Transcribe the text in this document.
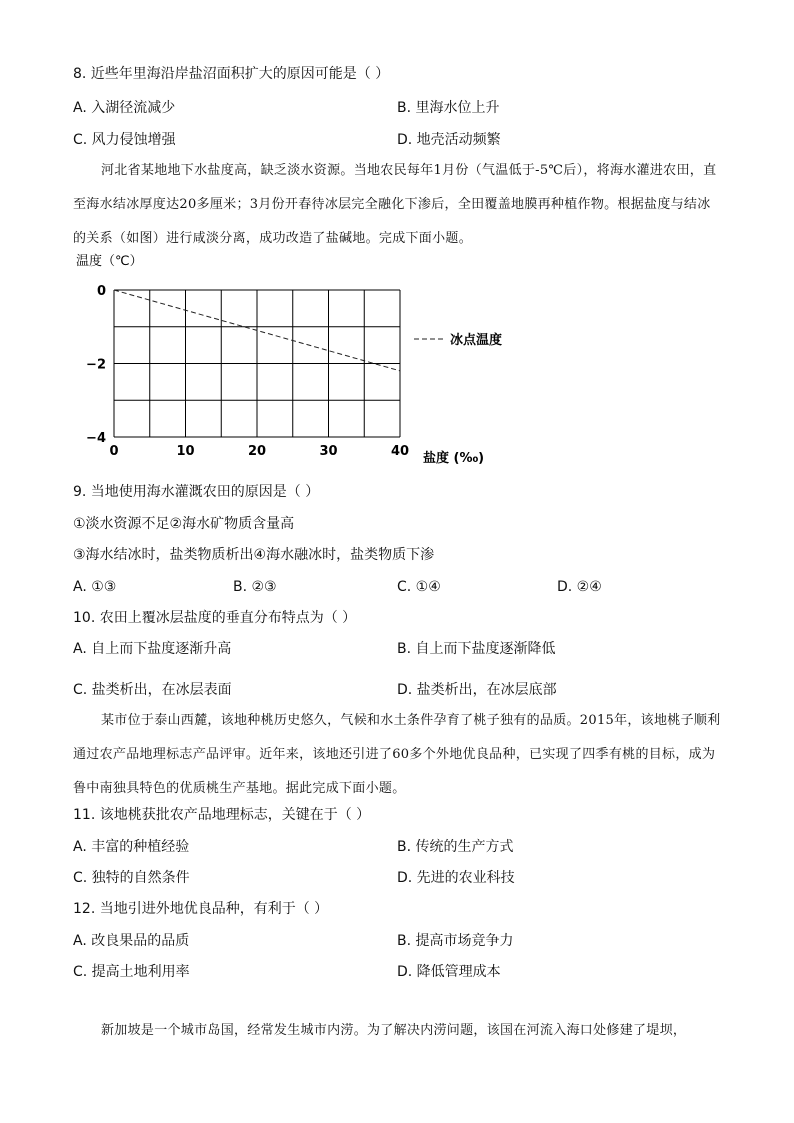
8. 近些年里海沿岸盐沼面积扩大的原因可能是（ ）
A. 入湖径流减少	B. 里海水位上升
C. 风力侵蚀增强	D. 地壳活动频繁
河北省某地地下水盐度高，缺乏淡水资源。当地农民每年1月份（气温低于-5℃后），将海水灌进农田，直至海水结冰厚度达20多厘米；3月份开春待冰层完全融化下渗后，全田覆盖地膜再种植作物。根据盐度与结冰的关系（如图）进行咸淡分离，成功改造了盐碱地。完成下面小题。
温度（℃）
0	10	20	30	40
0
−2
−4
盐度 (‰)
冰点温度
9. 当地使用海水灌溉农田的原因是（ ）
①淡水资源不足②海水矿物质含量高
③海水结冰时，盐类物质析出④海水融冰时，盐类物质下渗
A. ①③	B. ②③	C. ①④	D. ②④
10. 农田上覆冰层盐度的垂直分布特点为（ ）
A. 自上而下盐度逐渐升高	B. 自上而下盐度逐渐降低
C. 盐类析出，在冰层表面	D. 盐类析出，在冰层底部
某市位于泰山西麓，该地种桃历史悠久，气候和水土条件孕育了桃子独有的品质。2015年，该地桃子顺利通过农产品地理标志产品评审。近年来，该地还引进了60多个外地优良品种，已实现了四季有桃的目标，成为鲁中南独具特色的优质桃生产基地。据此完成下面小题。
11. 该地桃获批农产品地理标志，关键在于（ ）
A. 丰富的种植经验	B. 传统的生产方式
C. 独特的自然条件	D. 先进的农业科技
12. 当地引进外地优良品种，有利于（ ）
A. 改良果品的品质	B. 提高市场竞争力
C. 提高土地利用率	D. 降低管理成本
新加坡是一个城市岛国，经常发生城市内涝。为了解决内涝问题，该国在河流入海口处修建了堤坝，
